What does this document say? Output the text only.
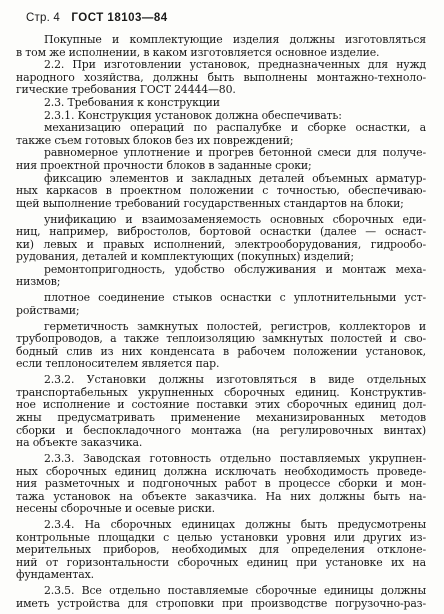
Стр. 4 ГОСТ 18103—84
Покупные и комплектующие изделия должны изготовляться
в том же исполнении, в каком изготовляется основное изделие.
2.2. При изготовлении установок, предназначенных для нужд
народного хозяйства, должны быть выполнены монтажно-техноло-
гические требования ГОСТ 24444—80.
2.3. Требования к конструкции
2.3.1. Конструкция установок должна обеспечивать:
механизацию операций по распалубке и сборке оснастки, а
также съем готовых блоков без их повреждений;
равномерное уплотнение и прогрев бетонной смеси для получе-
ния проектной прочности блоков в заданные сроки;
фиксацию элементов и закладных деталей объемных арматур-
ных каркасов в проектном положении с точностью, обеспечиваю-
щей выполнение требований государственных стандартов на блоки;
унификацию и взаимозаменяемость основных сборочных еди-
ниц, например, вибростолов, бортовой оснастки (далее — оснаст-
ки) левых и правых исполнений, электрооборудования, гидрообо-
рудования, деталей и комплектующих (покупных) изделий;
ремонтопригодность, удобство обслуживания и монтаж меха-
низмов;
плотное соединение стыков оснастки с уплотнительными уст-
ройствами;
герметичность замкнутых полостей, регистров, коллекторов и
трубопроводов, а также теплоизоляцию замкнутых полостей и сво-
бодный слив из них конденсата в рабочем положении установок,
если теплоносителем является пар.
2.3.2. Установки должны изготовляться в виде отдельных
транспортабельных укрупненных сборочных единиц. Конструктив-
ное исполнение и состояние поставки этих сборочных единиц дол-
жны предусматривать применение механизированных методов
сборки и беспокладочного монтажа (на регулировочных винтах)
на объекте заказчика.
2.3.3. Заводская готовность отдельно поставляемых укрупнен-
ных сборочных единиц должна исключать необходимость проведе-
ния разметочных и подгоночных работ в процессе сборки и мон-
тажа установок на объекте заказчика. На них должны быть на-
несены сборочные и осевые риски.
2.3.4. На сборочных единицах должны быть предусмотрены
контрольные площадки с целью установки уровня или других из-
мерительных приборов, необходимых для определения отклоне-
ний от горизонтальности сборочных единиц при установке их на
фундаментах.
2.3.5. Все отдельно поставляемые сборочные единицы должны
иметь устройства для строповки при производстве погрузочно-раз-
